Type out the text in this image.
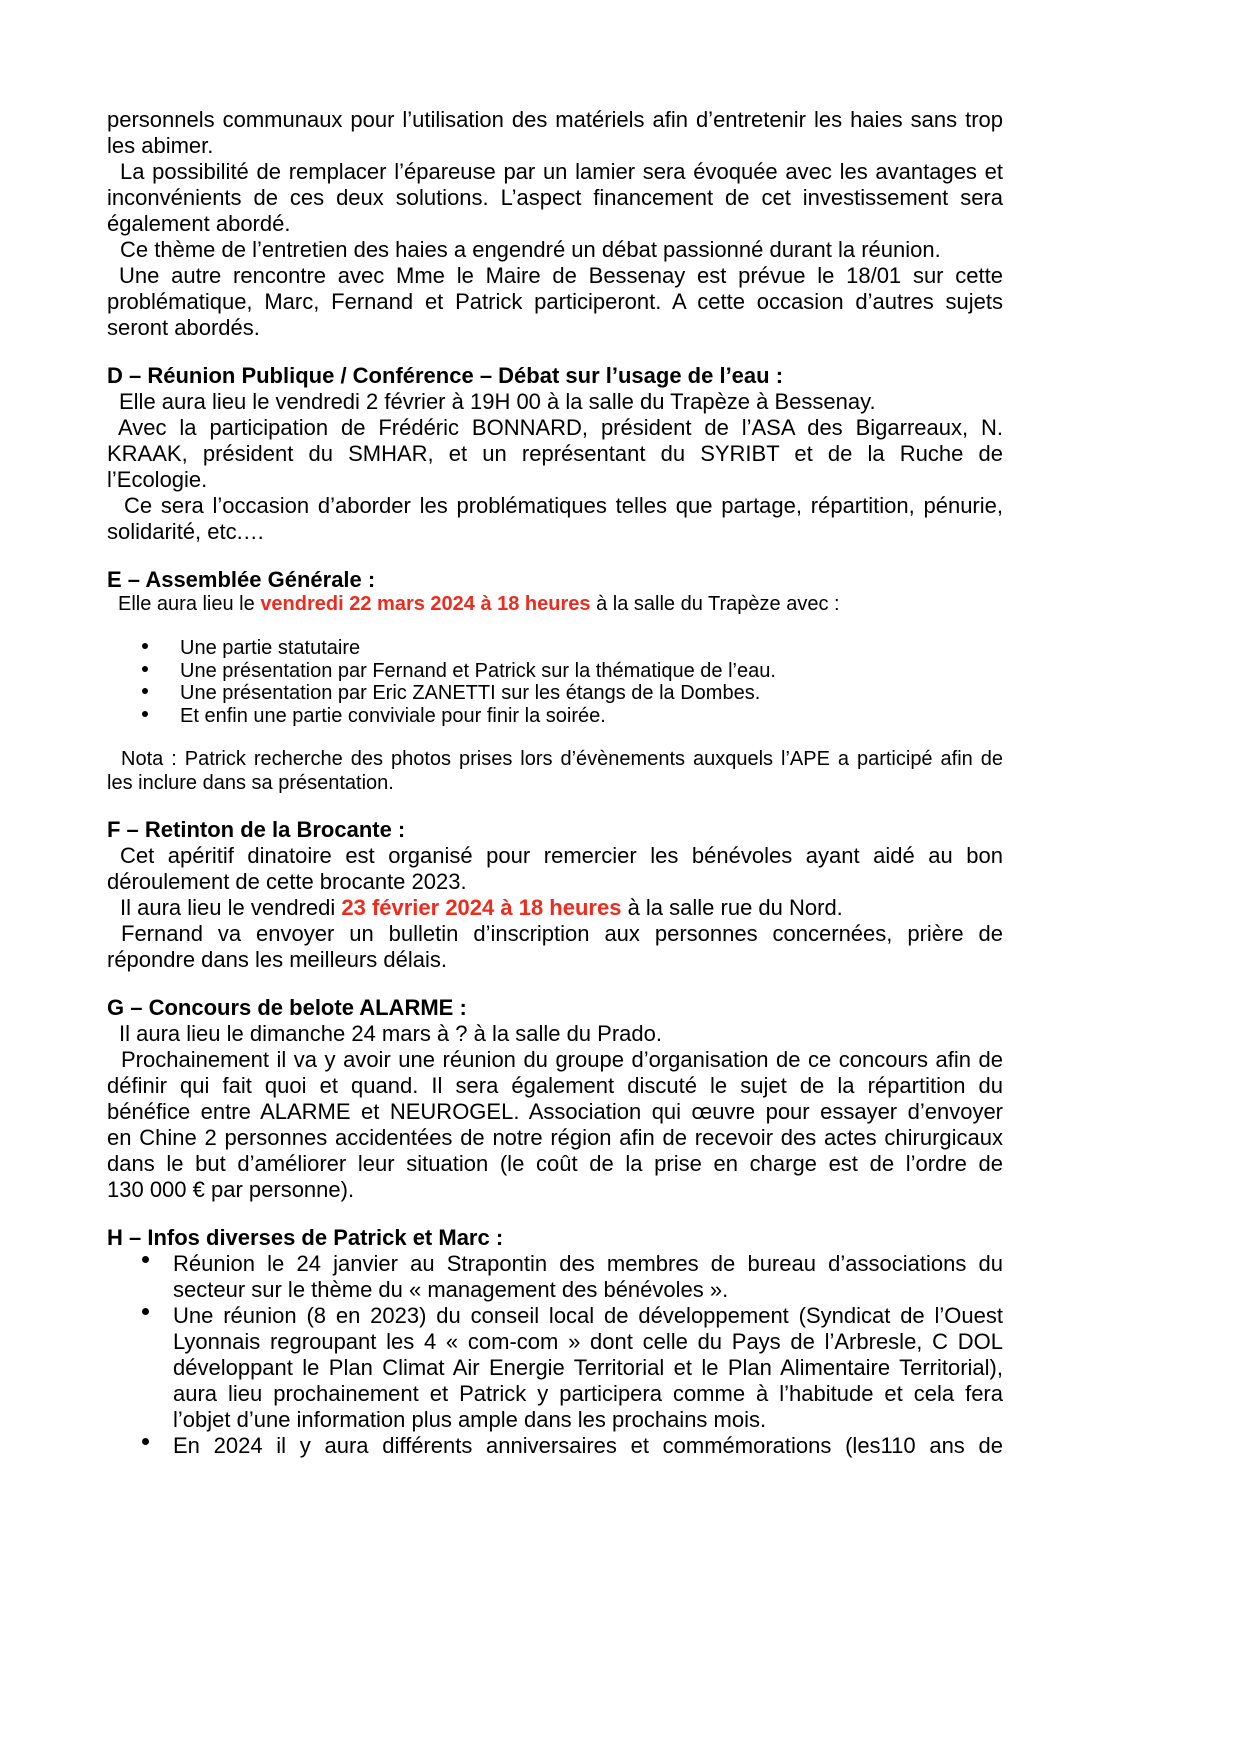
personnels communaux pour l’utilisation des matériels afin d’entretenir les haies sans trop
les abimer.
La possibilité de remplacer l’épareuse par un lamier sera évoquée avec les avantages et
inconvénients de ces deux solutions. L’aspect financement de cet investissement sera
également abordé.
Ce thème de l’entretien des haies a engendré un débat passionné durant la réunion.
Une autre rencontre avec Mme le Maire de Bessenay est prévue le 18/01 sur cette
problématique, Marc, Fernand et Patrick participeront. A cette occasion d’autres sujets
seront abordés.
D – Réunion Publique / Conférence – Débat sur l’usage de l’eau :
Elle aura lieu le vendredi 2 février à 19H 00 à la salle du Trapèze à Bessenay.
Avec la participation de Frédéric BONNARD, président de l’ASA des Bigarreaux, N.
KRAAK, président du SMHAR, et un représentant du SYRIBT et de la Ruche de
l’Ecologie.
Ce sera l’occasion d’aborder les problématiques telles que partage, répartition, pénurie,
solidarité, etc.…
E – Assemblée Générale :
Elle aura lieu le vendredi 22 mars 2024 à 18 heures à la salle du Trapèze avec :
Une partie statutaire
Une présentation par Fernand et Patrick sur la thématique de l’eau.
Une présentation par Eric ZANETTI sur les étangs de la Dombes.
Et enfin une partie conviviale pour finir la soirée.
Nota : Patrick recherche des photos prises lors d’évènements auxquels l’APE a participé afin de
les inclure dans sa présentation.
F – Retinton de la Brocante :
Cet apéritif dinatoire est organisé pour remercier les bénévoles ayant aidé au bon
déroulement de cette brocante 2023.
Il aura lieu le vendredi 23 février 2024 à 18 heures à la salle rue du Nord.
Fernand va envoyer un bulletin d’inscription aux personnes concernées, prière de
répondre dans les meilleurs délais.
G – Concours de belote ALARME :
Il aura lieu le dimanche 24 mars à ? à la salle du Prado.
Prochainement il va y avoir une réunion du groupe d’organisation de ce concours afin de
définir qui fait quoi et quand. Il sera également discuté le sujet de la répartition du
bénéfice entre ALARME et NEUROGEL. Association qui œuvre pour essayer d’envoyer
en Chine 2 personnes accidentées de notre région afin de recevoir des actes chirurgicaux
dans le but d’améliorer leur situation (le coût de la prise en charge est de l’ordre de
130 000 € par personne).
H – Infos diverses de Patrick et Marc :
Réunion le 24 janvier au Strapontin des membres de bureau d’associations du
secteur sur le thème du « management des bénévoles ».
Une réunion (8 en 2023) du conseil local de développement (Syndicat de l’Ouest
Lyonnais regroupant les 4 « com-com » dont celle du Pays de l’Arbresle, C DOL
développant le Plan Climat Air Energie Territorial et le Plan Alimentaire Territorial),
aura lieu prochainement et Patrick y participera comme à l’habitude et cela fera
l’objet d’une information plus ample dans les prochains mois.
En 2024 il y aura différents anniversaires et commémorations (les110 ans de
